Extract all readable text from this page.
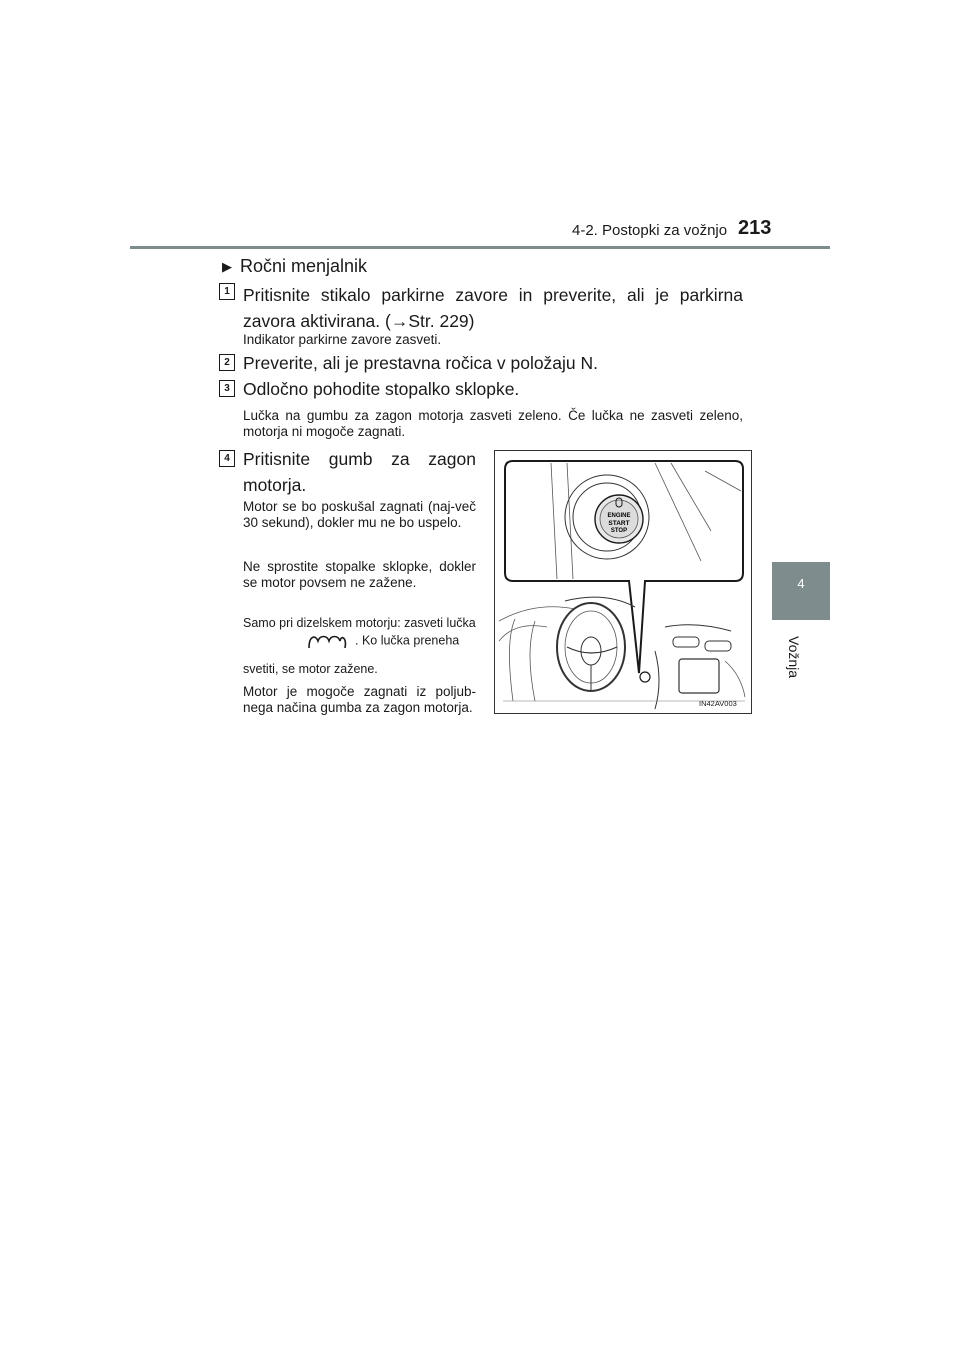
4-2. Postopki za vožnjo 213
4
Vožnja
▶ Ročni menjalnik
1 Pritisnite stikalo parkirne zavore in preverite, ali je parkirna zavora aktivirana. (→Str. 229)
Indikator parkirne zavore zasveti.
2 Preverite, ali je prestavna ročica v položaju N.
3 Odločno pohodite stopalko sklopke.
Lučka na gumbu za zagon motorja zasveti zeleno. Če lučka ne zasveti zeleno, motorja ni mogoče zagnati.
4 Pritisnite gumb za zagon motorja.
Motor se bo poskušal zagnati (naj-več 30 sekund), dokler mu ne bo uspelo.
Ne sprostite stopalke sklopke, dokler se motor povsem ne zažene.
Samo pri dizelskem motorju: zasveti lučka
. Ko lučka preneha
svetiti, se motor zažene.
Motor je mogoče zagnati iz poljub-nega načina gumba za zagon motorja.
ENGINE
START
STOP
IN42AV003
